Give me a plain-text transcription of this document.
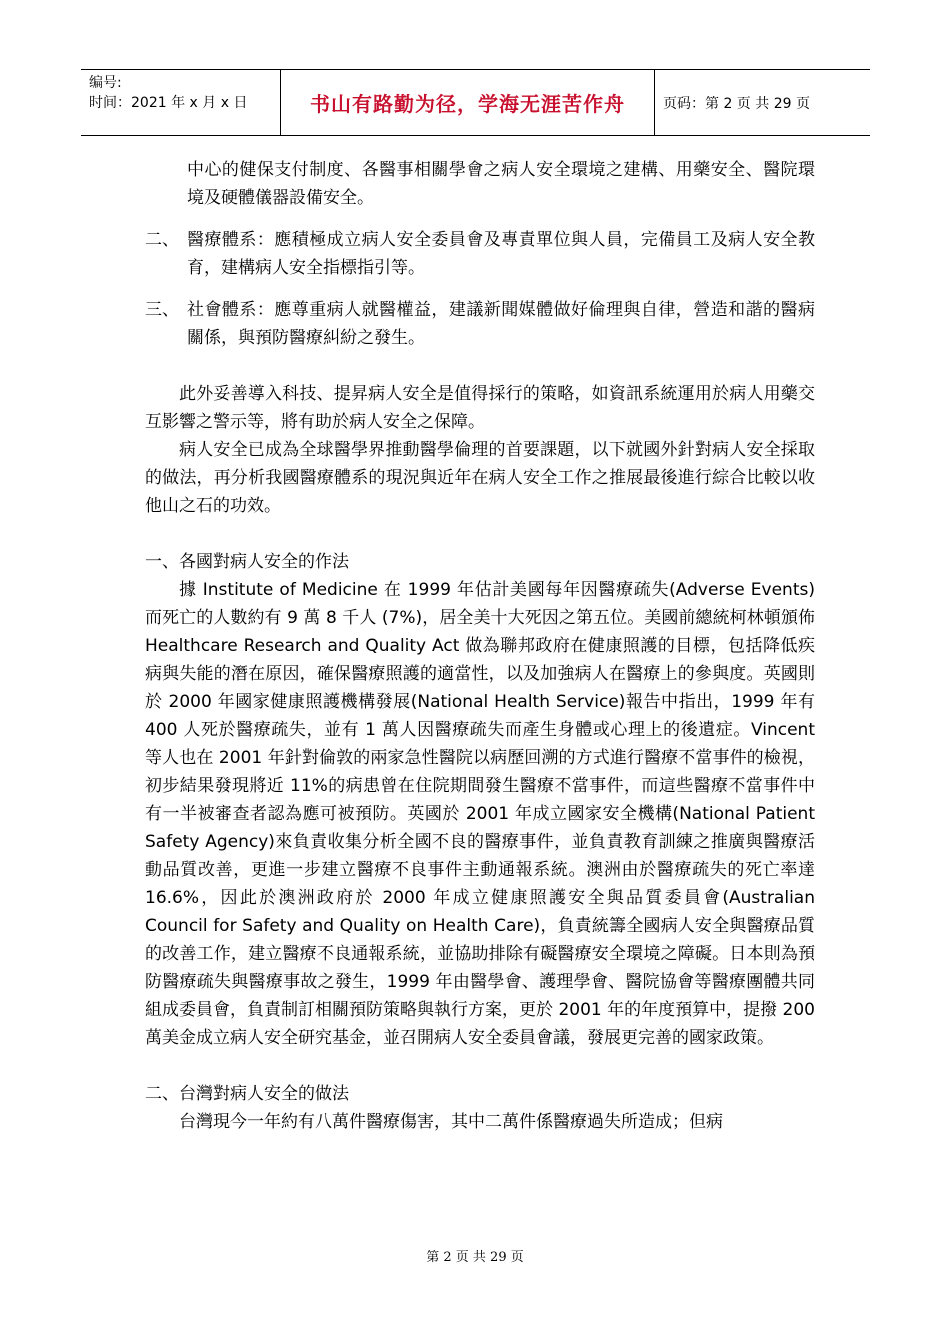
编号:
时间：2021 年 x 月 x 日	书山有路勤为径，学海无涯苦作舟	页码：第 2 页 共 29 页

中心的健保支付制度、各醫事相關學會之病人安全環境之建構、用藥安全、醫院環境及硬體儀器設備安全。

二、 醫療體系：應積極成立病人安全委員會及專責單位與人員，完備員工及病人安全教育，建構病人安全指標指引等。

三、 社會體系：應尊重病人就醫權益，建議新聞媒體做好倫理與自律，營造和諧的醫病關係，與預防醫療糾紛之發生。

此外妥善導入科技、提昇病人安全是值得採行的策略，如資訊系統運用於病人用藥交互影響之警示等，將有助於病人安全之保障。

病人安全已成為全球醫學界推動醫學倫理的首要課題，以下就國外針對病人安全採取的做法，再分析我國醫療體系的現況與近年在病人安全工作之推展最後進行綜合比較以收他山之石的功效。

一、各國對病人安全的作法

據 Institute of Medicine 在 1999 年估計美國每年因醫療疏失(Adverse Events)而死亡的人數約有 9 萬 8 千人 (7%)，居全美十大死因之第五位。美國前總統柯林頓頒佈 Healthcare Research and Quality Act 做為聯邦政府在健康照護的目標，包括降低疾病與失能的潛在原因，確保醫療照護的適當性，以及加強病人在醫療上的參與度。英國則於 2000 年國家健康照護機構發展(National Health Service)報告中指出，1999 年有 400 人死於醫療疏失，並有 1 萬人因醫療疏失而產生身體或心理上的後遺症。Vincent 等人也在 2001 年針對倫敦的兩家急性醫院以病歷回溯的方式進行醫療不當事件的檢視，初步結果發現將近 11%的病患曾在住院期間發生醫療不當事件，而這些醫療不當事件中有一半被審查者認為應可被預防。英國於 2001 年成立國家安全機構(National Patient Safety Agency)來負責收集分析全國不良的醫療事件，並負責教育訓練之推廣與醫療活動品質改善，更進一步建立醫療不良事件主動通報系統。澳洲由於醫療疏失的死亡率達 16.6%，因此於澳洲政府於 2000 年成立健康照護安全與品質委員會(Australian Council for Safety and Quality on Health Care)，負責統籌全國病人安全與醫療品質的改善工作，建立醫療不良通報系統，並協助排除有礙醫療安全環境之障礙。日本則為預防醫療疏失與醫療事故之發生，1999 年由醫學會、護理學會、醫院協會等醫療團體共同組成委員會，負責制訂相關預防策略與執行方案，更於 2001 年的年度預算中，提撥 200 萬美金成立病人安全研究基金，並召開病人安全委員會議，發展更完善的國家政策。

二、台灣對病人安全的做法

台灣現今一年約有八萬件醫療傷害，其中二萬件係醫療過失所造成；但病

第 2 页 共 29 页
